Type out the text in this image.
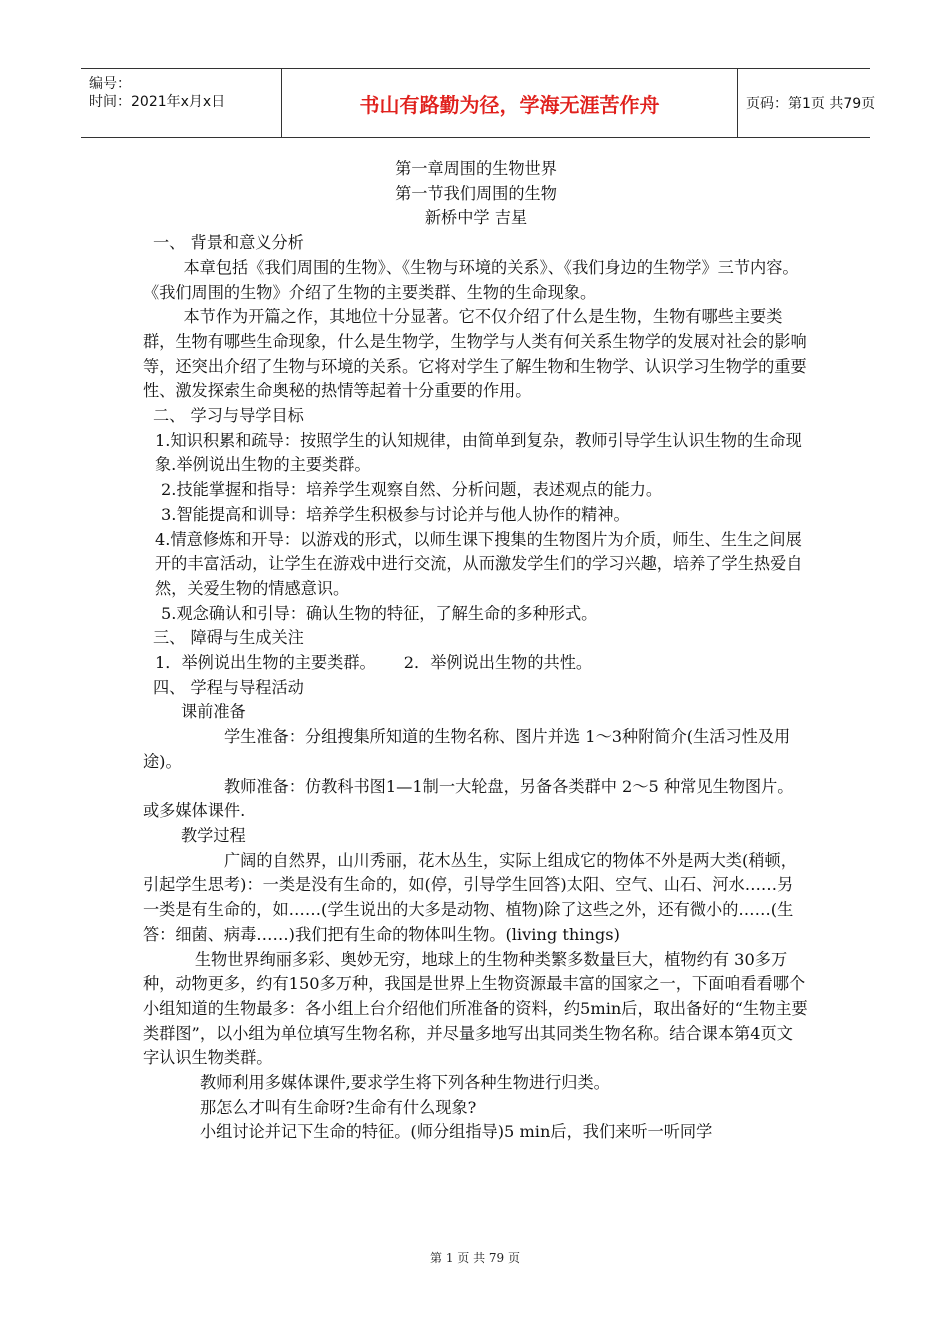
编号：
时间：2021年x月x日	书山有路勤为径，学海无涯苦作舟	页码：第1页 共79页

第一章周围的生物世界

第一节我们周围的生物

新桥中学 吉星

一、 背景和意义分析

本章包括《我们周围的生物》、《生物与环境的关系》、《我们身边的生物学》三节内容。《我们周围的生物》介绍了生物的主要类群、生物的生命现象。

本节作为开篇之作，其地位十分显著。它不仅介绍了什么是生物，生物有哪些主要类群，生物有哪些生命现象，什么是生物学，生物学与人类有何关系生物学的发展对社会的影响等，还突出介绍了生物与环境的关系。它将对学生了解生物和生物学、认识学习生物学的重要性、激发探索生命奥秘的热情等起着十分重要的作用。

二、 学习与导学目标

1.知识积累和疏导：按照学生的认知规律，由简单到复杂，教师引导学生认识生物的生命现象.举例说出生物的主要类群。

2.技能掌握和指导：培养学生观察自然、分析问题，表述观点的能力。

3.智能提高和训导：培养学生积极参与讨论并与他人协作的精神。

4.情意修炼和开导：以游戏的形式，以师生课下搜集的生物图片为介质，师生、生生之间展开的丰富活动，让学生在游戏中进行交流，从而激发学生们的学习兴趣，培养了学生热爱自然，关爱生物的情感意识。

5.观念确认和引导：确认生物的特征，了解生命的多种形式。

三、 障碍与生成关注

1．举例说出生物的主要类群。 2．举例说出生物的共性。

四、 学程与导程活动

课前准备

学生准备：分组搜集所知道的生物名称、图片并选 1～3种附简介(生活习性及用途)。

教师准备：仿教科书图1—1制一大轮盘，另备各类群中 2～5 种常见生物图片。或多媒体课件.

教学过程

广阔的自然界，山川秀丽，花木丛生，实际上组成它的物体不外是两大类(稍顿，引起学生思考)：一类是没有生命的，如(停，引导学生回答)太阳、空气、山石、河水……另一类是有生命的，如……(学生说出的大多是动物、植物)除了这些之外，还有微小的……(生答：细菌、病毒……)我们把有生命的物体叫生物。(living things)

生物世界绚丽多彩、奥妙无穷，地球上的生物种类繁多数量巨大，植物约有 30多万种，动物更多，约有150多万种，我国是世界上生物资源最丰富的国家之一，下面咱看看哪个小组知道的生物最多：各小组上台介绍他们所准备的资料，约5min后，取出备好的“生物主要类群图”，以小组为单位填写生物名称，并尽量多地写出其同类生物名称。结合课本第4页文字认识生物类群。

教师利用多媒体课件,要求学生将下列各种生物进行归类。

那怎么才叫有生命呀?生命有什么现象?

小组讨论并记下生命的特征。(师分组指导)5 min后，我们来听一听同学

第 1 页 共 79 页
